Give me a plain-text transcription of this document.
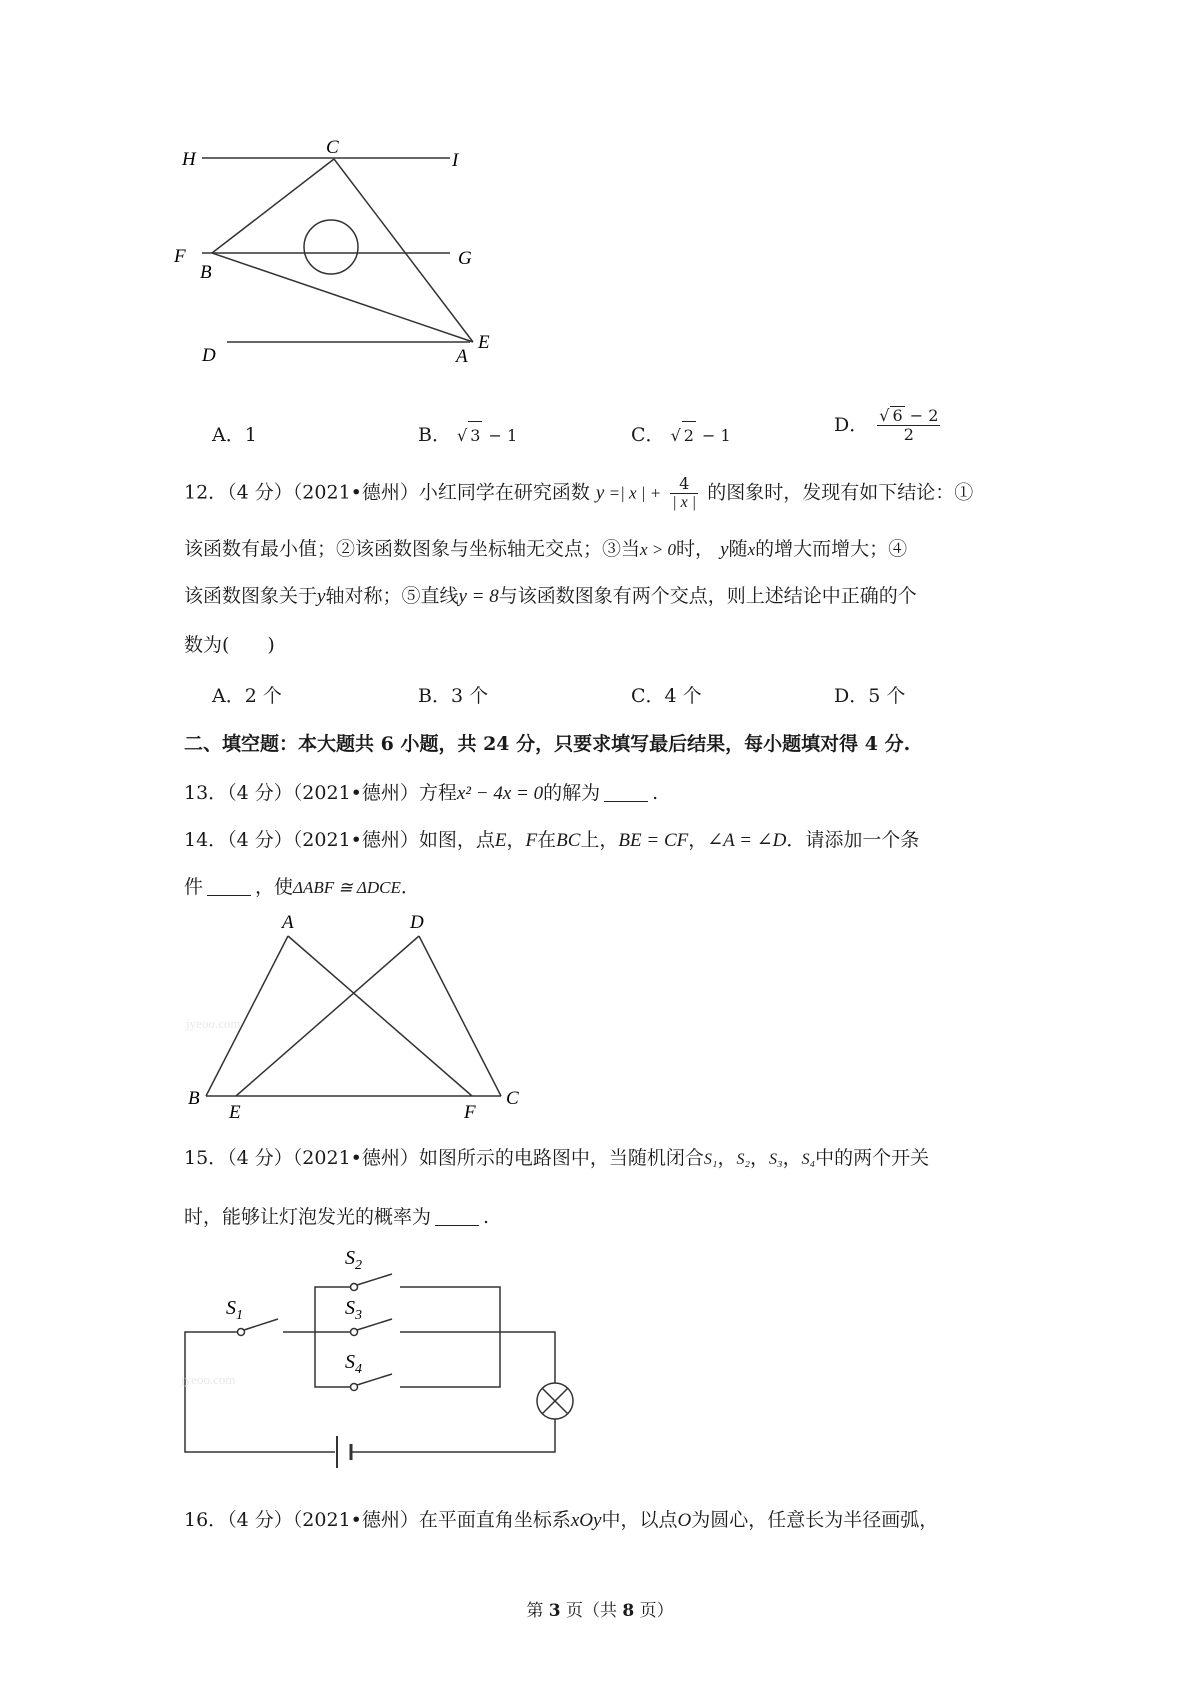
H
C
I
F
B
G
D	A
E
A．1	B． √ 3 − 1	C． √ 2 − 1	D． $\frac{√ 6 - 2}{2}$
12．（4 分）（2021•德州）小红同学在研究函数 y =| x | + $\frac{4}{| x |}$ 的图象时，发现有如下结论：①
该函数有最小值；②该函数图象与坐标轴无交点；③当x > 0时， y随x的增大而增大；④
该函数图象关于y轴对称；⑤直线y = 8与该函数图象有两个交点，则上述结论中正确的个
数为(　　)
A．2 个	B．3 个	C．4 个	D．5 个
二、填空题：本大题共 6 小题，共 24 分，只要求填写最后结果，每小题填对得 4 分.
13．（4 分）（2021•德州）方程x² − 4x = 0的解为	.
14．（4 分）（2021•德州）如图，点E，F在BC上，BE = CF，∠A = ∠D．请添加一个条
件	，使ΔABF ≅ ΔDCE．
A	D
B
E	F
C
jyeoo.com
15．（4 分）（2021•德州）如图所示的电路图中，当随机闭合S₁，S₂，S₃，S₄中的两个开关
时，能够让灯泡发光的概率为	.
$S_1$
$S_2$
$S_3$
$S_4$
jyeoo.com
16．（4 分）（2021•德州）在平面直角坐标系xOy中，以点O为圆心，任意长为半径画弧，
第 3 页（共 8 页）
